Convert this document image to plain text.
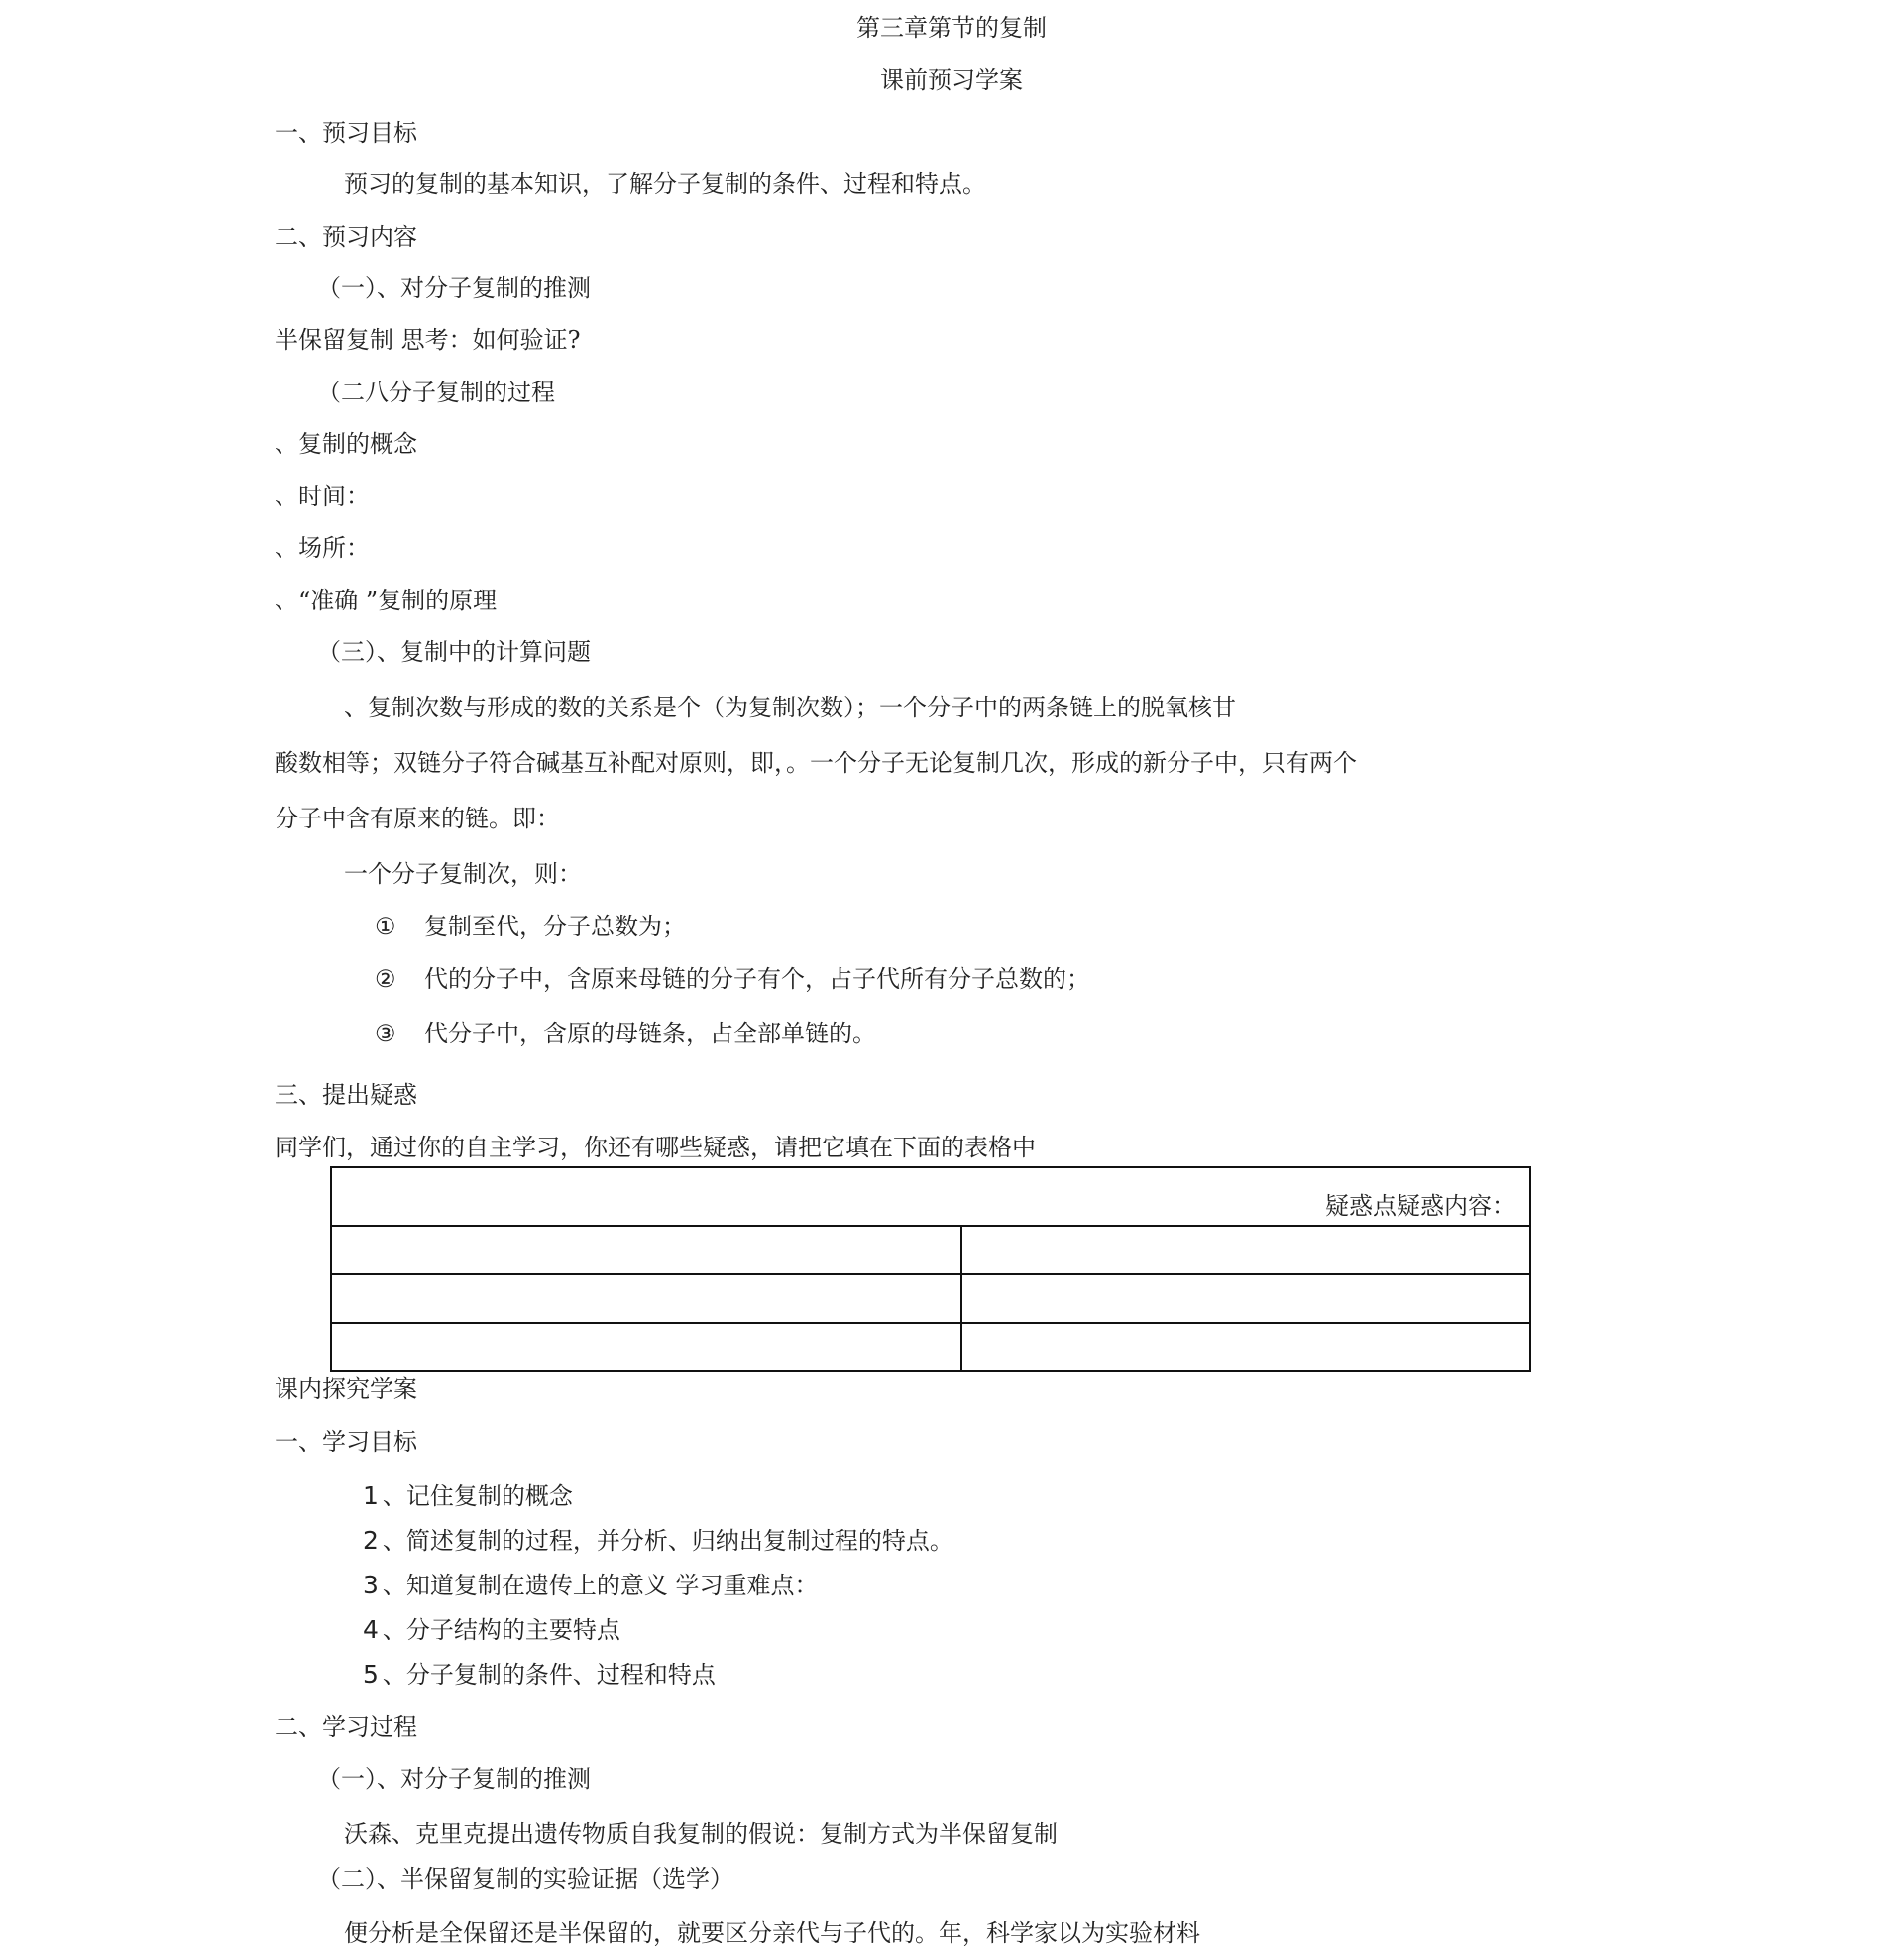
第三章第节的复制
课前预习学案
一、预习目标
预习的复制的基本知识，了解分子复制的条件、过程和特点。
二、预习内容
（一）、对分子复制的推测
半保留复制 思考：如何验证?
（二八分子复制的过程
、复制的概念
、时间：
、场所：
、“准确 ”复制的原理
（三）、复制中的计算问题
、复制次数与形成的数的关系是个（为复制次数）；一个分子中的两条链上的脱氧核甘
酸数相等；双链分子符合碱基互补配对原则，即，。一个分子无论复制几次，形成的新分子中，只有两个
分子中含有原来的链。即：
一个分子复制次，则：
① 复制至代，分子总数为；
② 代的分子中，含原来母链的分子有个，占子代所有分子总数的；
③ 代分子中，含原的母链条，占全部单链的。
三、提出疑惑
同学们，通过你的自主学习，你还有哪些疑惑，请把它填在下面的表格中
疑惑点疑惑内容：	

课内探究学案
一、学习目标
1 、记住复制的概念
2 、简述复制的过程，并分析、归纳出复制过程的特点。
3 、知道复制在遗传上的意义 学习重难点：
4 、分子结构的主要特点
5 、分子复制的条件、过程和特点
二、学习过程
（一）、对分子复制的推测
沃森、克里克提出遗传物质自我复制的假说：复制方式为半保留复制
（二）、半保留复制的实验证据（选学）
便分析是全保留还是半保留的，就要区分亲代与子代的。年，科学家以为实验材料
